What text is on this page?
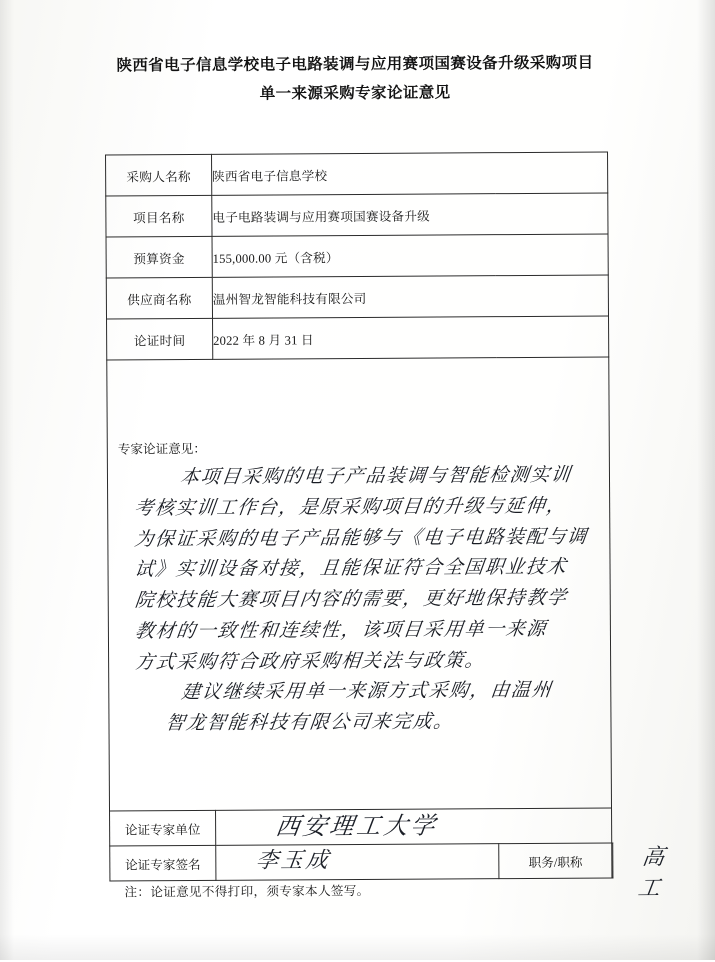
陕西省电子信息学校电子电路装调与应用赛项国赛设备升级采购项目
单一来源采购专家论证意见
采购人名称	陕西省电子信息学校		
项目名称	电子电路装调与应用赛项国赛设备升级		
预算资金	155,000.00 元（含税）		
供应商名称	温州智龙智能科技有限公司		
论证时间	2022 年 8 月 31 日		

专家论证意见：
本项目采购的电子产品装调与智能检测实训
考核实训工作台，是原采购项目的升级与延伸，
为保证采购的电子产品能够与《电子电路装配与调
试》实训设备对接，且能保证符合全国职业技术
院校技能大赛项目内容的需要，更好地保持教学
教材的一致性和连续性，该项目采用单一来源
方式采购符合政府采购相关法与政策。
建议继续采用单一来源方式采购，由温州
智龙智能科技有限公司来完成。

论证专家单位	西安理工大学		

论证专家签名	李玉成	职务/职称	高工
注：论证意见不得打印，须专家本人签写。
